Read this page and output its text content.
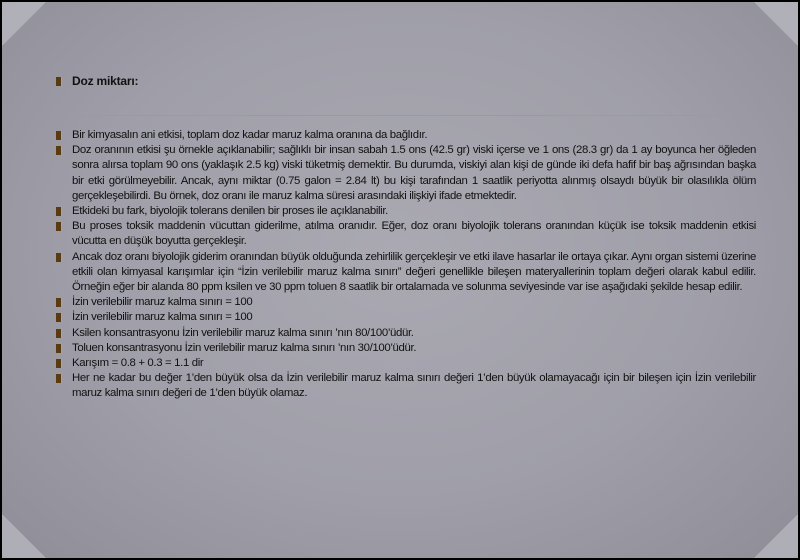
Doz miktarı:

Bir kimyasalın ani etkisi, toplam doz kadar maruz kalma oranına da bağlıdır.

Doz oranının etkisi şu örnekle açıklanabilir; sağlıklı bir insan sabah 1.5 ons (42.5 gr) viski içerse ve 1 ons (28.3 gr) da 1 ay boyunca her öğleden sonra alırsa toplam 90 ons (yaklaşık 2.5 kg) viski tüketmiş demektir. Bu durumda, viskiyi alan kişi de günde iki defa hafif bir baş ağrısından başka bir etki görülmeyebilir. Ancak, aynı miktar (0.75 galon = 2.84 lt) bu kişi tarafından 1 saatlik periyotta alınmış olsaydı büyük bir olasılıkla ölüm gerçekleşebilirdi. Bu örnek, doz oranı ile maruz kalma süresi arasındaki ilişkiyi ifade etmektedir.

Etkideki bu fark, biyolojik tolerans denilen bir proses ile açıklanabilir.

Bu proses toksik maddenin vücuttan giderilme, atılma oranıdır. Eğer, doz oranı biyolojik tolerans oranından küçük ise toksik maddenin etkisi vücutta en düşük boyutta gerçekleşir.

Ancak doz oranı biyolojik giderim oranından büyük olduğunda zehirlilik gerçekleşir ve etki ilave hasarlar ile ortaya çıkar. Aynı organ sistemi üzerine etkili olan kimyasal karışımlar için “İzin verilebilir maruz kalma sınırı” değeri genellikle bileşen materyallerinin toplam değeri olarak kabul edilir. Örneğin eğer bir alanda 80 ppm ksilen ve 30 ppm toluen 8 saatlik bir ortalamada ve solunma seviyesinde var ise aşağıdaki şekilde hesap edilir.

İzin verilebilir maruz kalma sınırı = 100

İzin verilebilir maruz kalma sınırı = 100

Ksilen konsantrasyonu İzin verilebilir maruz kalma sınırı ’nın 80/100’üdür.

Toluen konsantrasyonu İzin verilebilir maruz kalma sınırı ’nın 30/100’üdür.

Karışım = 0.8 + 0.3 = 1.1 dir

Her ne kadar bu değer 1’den büyük olsa da İzin verilebilir maruz kalma sınırı değeri 1’den büyük olamayacağı için bir bileşen için İzin verilebilir maruz kalma sınırı değeri de 1’den büyük olamaz.
